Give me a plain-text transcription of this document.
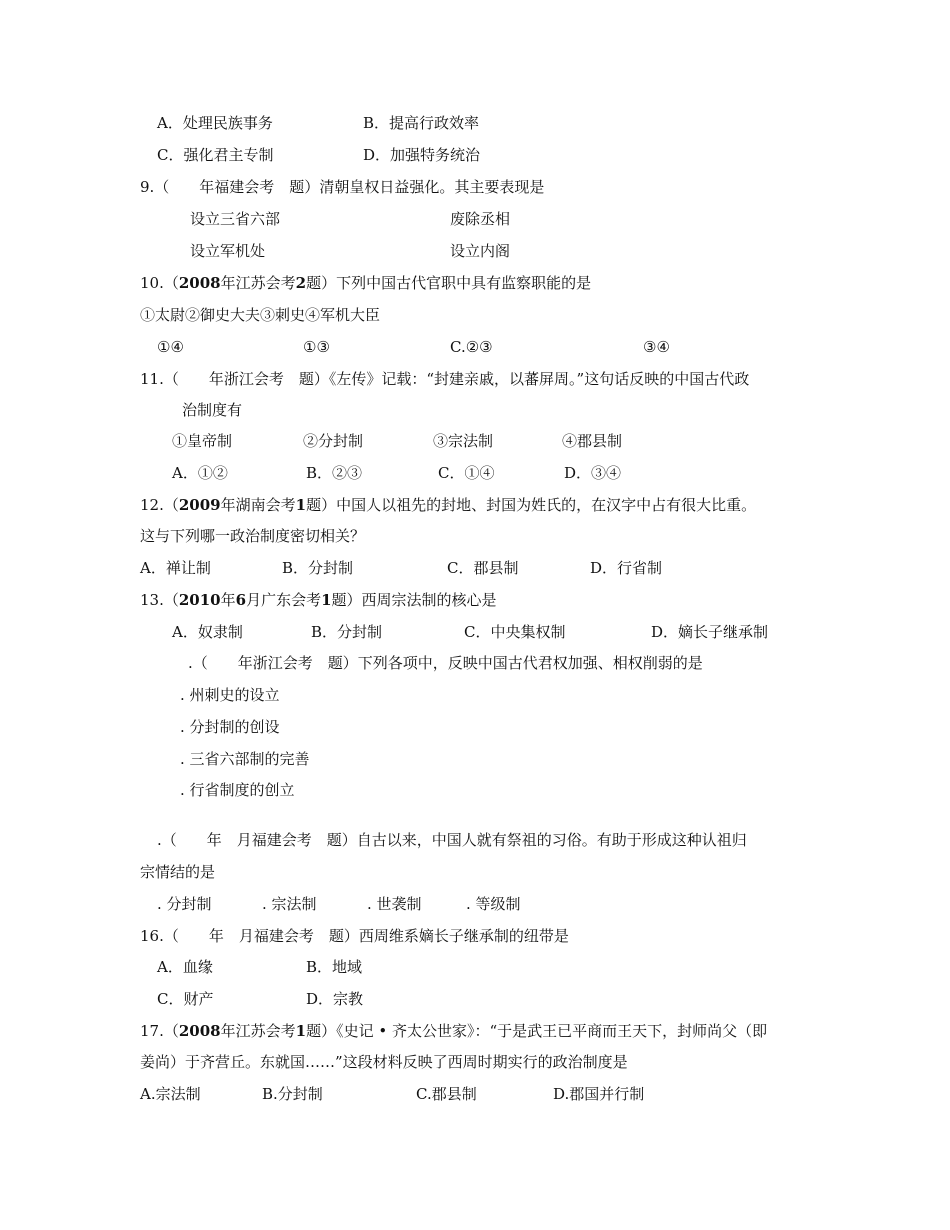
A．处理民族事务	B．提高行政效率
C．强化君主专制	D．加强特务统治
9.（　　年福建会考　题）清朝皇权日益强化。其主要表现是
设立三省六部	废除丞相
设立军机处	设立内阁
10.（2008年江苏会考2题）下列中国古代官职中具有监察职能的是
①太尉②御史大夫③刺史④军机大臣
①④	①③	C.②③	③④
11.（　　年浙江会考　题）《左传》记载：“封建亲戚，以蕃屏周。”这句话反映的中国古代政
治制度有
①皇帝制	②分封制	③宗法制	④郡县制
A．①②	B．②③	C．①④	D．③④
12.（2009年湖南会考1题）中国人以祖先的封地、封国为姓氏的，在汉字中占有很大比重。
这与下列哪一政治制度密切相关？
A．禅让制	B．分封制	C．郡县制	D．行省制
13.（2010年6月广东会考1题）西周宗法制的核心是
A．奴隶制	B．分封制	C．中央集权制	D．嫡长子继承制
.（　　年浙江会考　题）下列各项中，反映中国古代君权加强、相权削弱的是
. 州刺史的设立
. 分封制的创设
. 三省六部制的完善
. 行省制度的创立
.（　　年　月福建会考　题）自古以来，中国人就有祭祖的习俗。有助于形成这种认祖归
宗情结的是
. 分封制	. 宗法制	. 世袭制	. 等级制
16.（　　年　月福建会考　题）西周维系嫡长子继承制的纽带是
A．血缘	B．地域
C．财产	D．宗教
17.（2008年江苏会考1题）《史记 • 齐太公世家》：“于是武王已平商而王天下，封师尚父（即
姜尚）于齐营丘。东就国……”这段材料反映了西周时期实行的政治制度是
A.宗法制	B.分封制	C.郡县制	D.郡国并行制
